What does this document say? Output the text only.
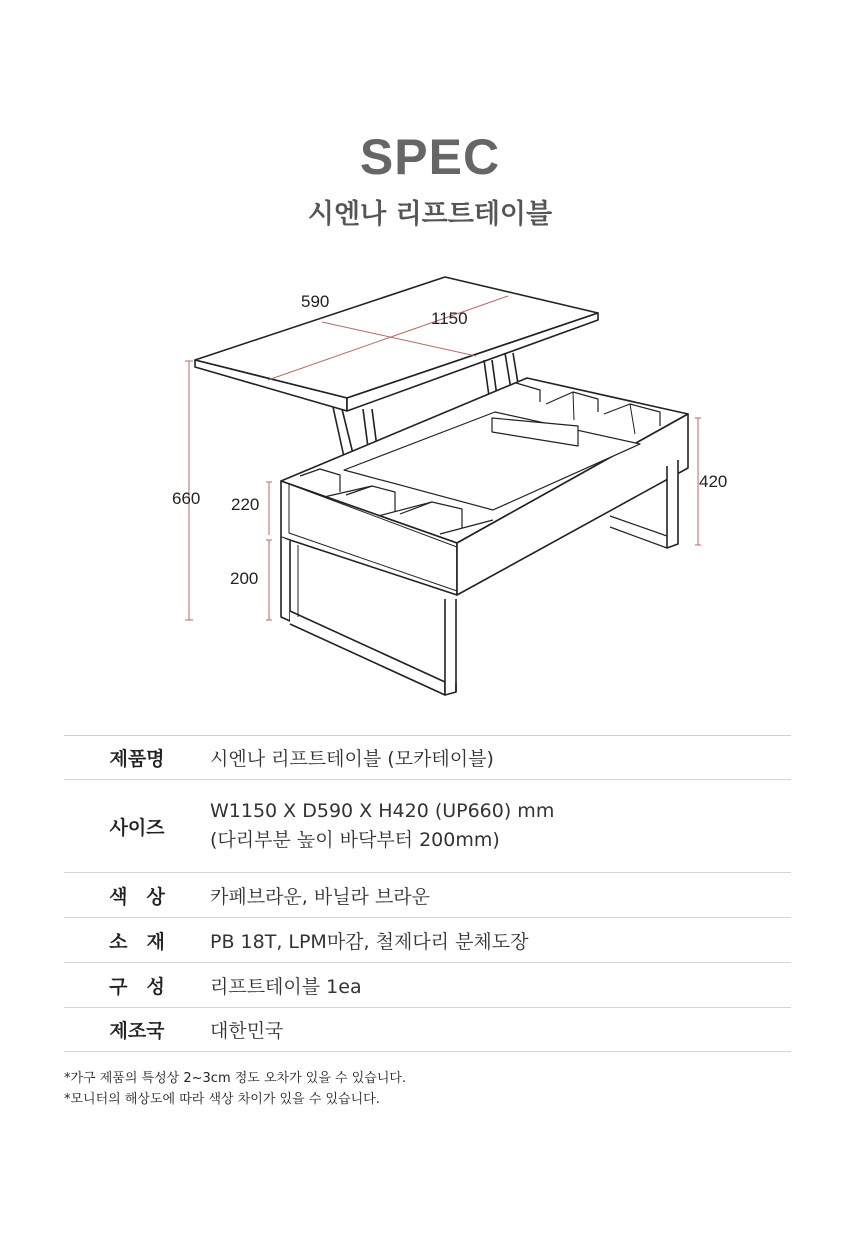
SPEC
시엔나 리프트테이블
590
1150
660 220
200
420
제품명	시엔나 리프트테이블 (모카테이블)
사이즈	W1150 X D590 X H420 (UP660) mm
(다리부분 높이 바닥부터 200mm)

색　상	카페브라운, 바닐라 브라운
소　재	PB 18T, LPM마감, 철제다리 분체도장
구　성	리프트테이블 1ea
제조국	대한민국
*가구 제품의 특성상 2~3cm 정도 오차가 있을 수 있습니다.
*모니터의 해상도에 따라 색상 차이가 있을 수 있습니다.
